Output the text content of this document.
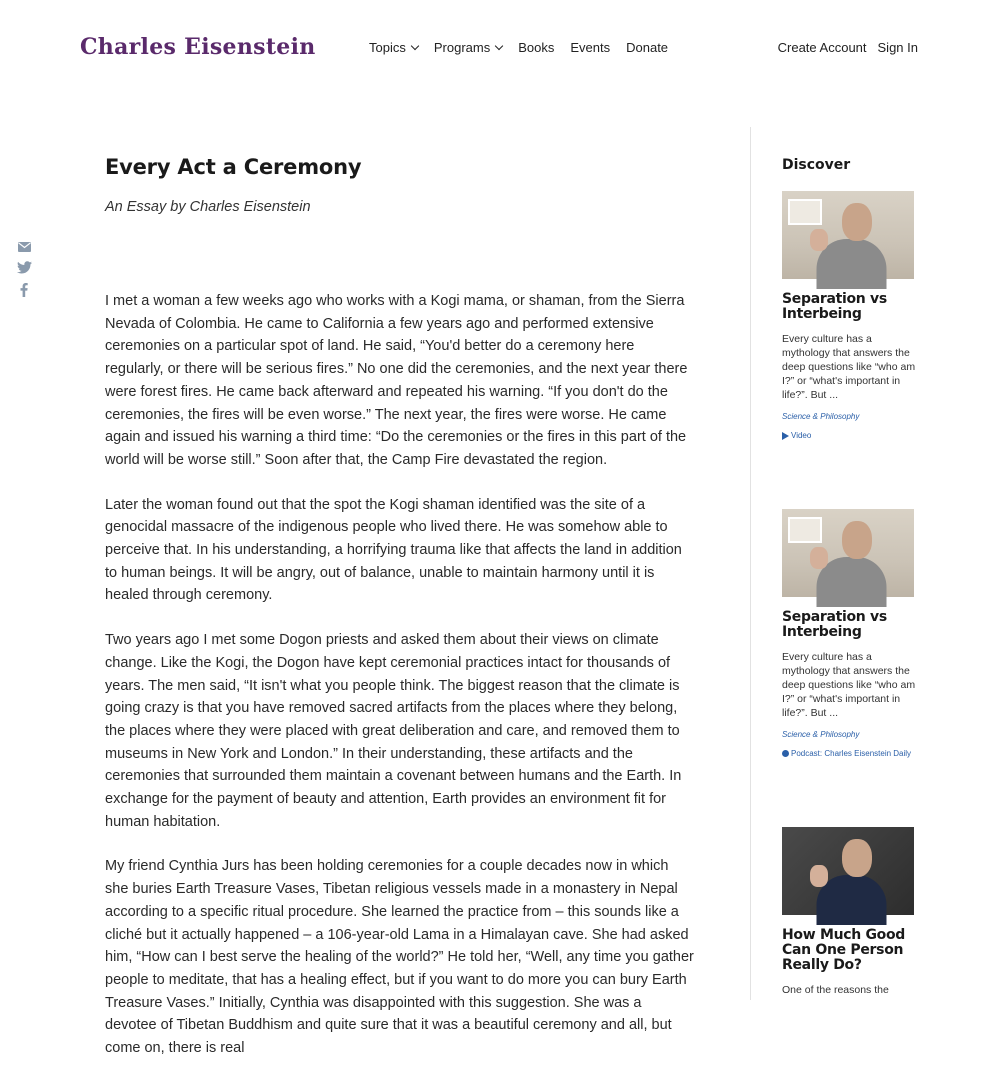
Charles Eisenstein	Topics Programs Books Events Donate	Create Account Sign In
Every Act a Ceremony
An Essay by Charles Eisenstein

I met a woman a few weeks ago who works with a Kogi mama, or shaman, from the Sierra Nevada of Colombia. He came to California a few years ago and performed extensive ceremonies on a particular spot of land. He said, “You'd better do a ceremony here regularly, or there will be serious fires.” No one did the ceremonies, and the next year there were forest fires. He came back afterward and repeated his warning. “If you don't do the ceremonies, the fires will be even worse.” The next year, the fires were worse. He came again and issued his warning a third time: “Do the ceremonies or the fires in this part of the world will be worse still.” Soon after that, the Camp Fire devastated the region.

Later the woman found out that the spot the Kogi shaman identified was the site of a genocidal massacre of the indigenous people who lived there. He was somehow able to perceive that. In his understanding, a horrifying trauma like that affects the land in addition to human beings. It will be angry, out of balance, unable to maintain harmony until it is healed through ceremony.

Two years ago I met some Dogon priests and asked them about their views on climate change. Like the Kogi, the Dogon have kept ceremonial practices intact for thousands of years. The men said, “It isn't what you people think. The biggest reason that the climate is going crazy is that you have removed sacred artifacts from the places where they belong, the places where they were placed with great deliberation and care, and removed them to museums in New York and London.” In their understanding, these artifacts and the ceremonies that surrounded them maintain a covenant between humans and the Earth. In exchange for the payment of beauty and attention, Earth provides an environment fit for human habitation.

My friend Cynthia Jurs has been holding ceremonies for a couple decades now in which she buries Earth Treasure Vases, Tibetan religious vessels made in a monastery in Nepal according to a specific ritual procedure. She learned the practice from – this sounds like a cliché but it actually happened – a 106-year-old Lama in a Himalayan cave. She had asked him, “How can I best serve the healing of the world?” He told her, “Well, any time you gather people to meditate, that has a healing effect, but if you want to do more you can bury Earth Treasure Vases.” Initially, Cynthia was disappointed with this suggestion. She was a devotee of Tibetan Buddhism and quite sure that it was a beautiful ceremony and all, but come on, there is real

Discover
Separation vs Interbeing
Every culture has a mythology that answers the deep questions like “who am I?” or “what's important in life?”. But ...
Science & Philosophy
Video
Separation vs Interbeing
Every culture has a mythology that answers the deep questions like “who am I?” or “what's important in life?”. But ...
Science & Philosophy
Podcast: Charles Eisenstein Daily
How Much Good Can One Person Really Do?
One of the reasons the
